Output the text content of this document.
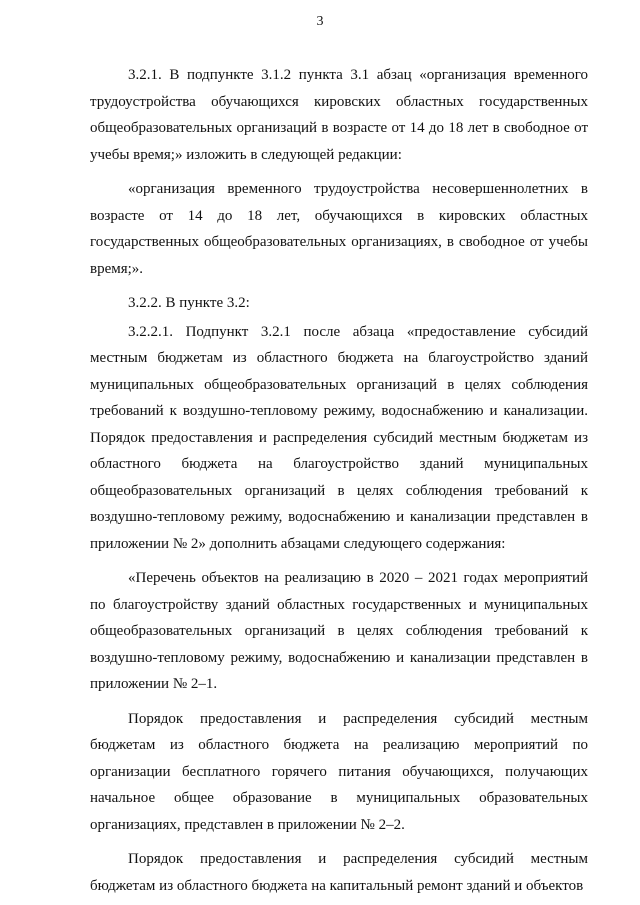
3

3.2.1. В подпункте 3.1.2 пункта 3.1 абзац «организация временного трудоустройства обучающихся кировских областных государственных общеобразовательных организаций в возрасте от 14 до 18 лет в свободное от учебы время;» изложить в следующей редакции:

«организация временного трудоустройства несовершеннолетних в возрасте от 14 до 18 лет, обучающихся в кировских областных государственных общеобразовательных организациях, в свободное от учебы время;».

3.2.2. В пункте 3.2:

3.2.2.1. Подпункт 3.2.1 после абзаца «предоставление субсидий местным бюджетам из областного бюджета на благоустройство зданий муниципальных общеобразовательных организаций в целях соблюдения требований к воздушно-тепловому режиму, водоснабжению и канализации. Порядок предоставления и распределения субсидий местным бюджетам из областного бюджета на благоустройство зданий муниципальных общеобразовательных организаций в целях соблюдения требований к воздушно-тепловому режиму, водоснабжению и канализации представлен в приложении № 2» дополнить абзацами следующего содержания:

«Перечень объектов на реализацию в 2020 – 2021 годах мероприятий по благоустройству зданий областных государственных и муниципальных общеобразовательных организаций в целях соблюдения требований к воздушно-тепловому режиму, водоснабжению и канализации представлен в приложении № 2–1.

Порядок предоставления и распределения субсидий местным бюджетам из областного бюджета на реализацию мероприятий по организации бесплатного горячего питания обучающихся, получающих начальное общее образование в муниципальных образовательных организациях, представлен в приложении № 2–2.

Порядок предоставления и распределения субсидий местным бюджетам из областного бюджета на капитальный ремонт зданий и объектов
